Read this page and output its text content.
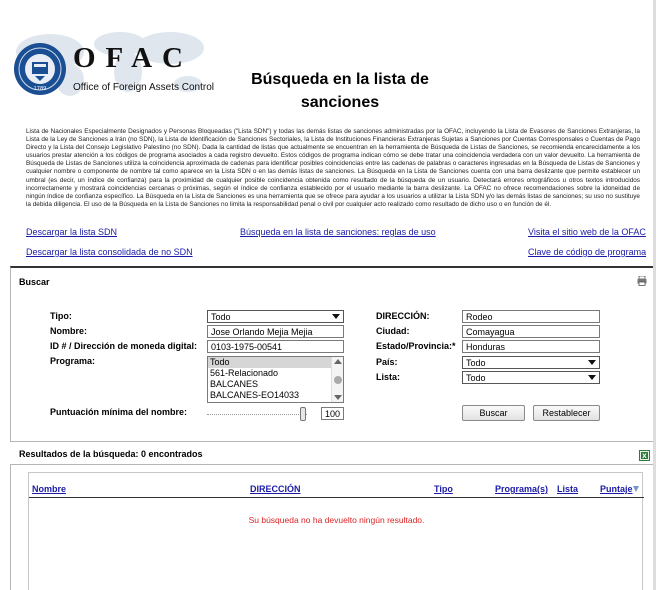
1789
OFAC
Office of Foreign Assets Control	Búsqueda en la lista de sanciones
Lista de Nacionales Especialmente Designados y Personas Bloqueadas ("Lista SDN") y todas las demás listas de sanciones administradas por la OFAC, incluyendo la Lista de Evasores de Sanciones Extranjeras, la Lista de la Ley de Sanciones a Irán (no SDN), la Lista de Identificación de Sanciones Sectoriales, la Lista de Instituciones Financieras Extranjeras Sujetas a Sanciones por Cuentas Corresponsales o Cuentas de Pago Directo y la Lista del Consejo Legislativo Palestino (no SDN). Dada la cantidad de listas que actualmente se encuentran en la herramienta de Búsqueda de Listas de Sanciones, se recomienda encarecidamente a los usuarios prestar atención a los códigos de programa asociados a cada registro devuelto. Estos códigos de programa indican cómo se debe tratar una coincidencia verdadera con un valor devuelto. La herramienta de Búsqueda de Listas de Sanciones utiliza la coincidencia aproximada de cadenas para identificar posibles coincidencias entre las cadenas de palabras o caracteres ingresadas en la Búsqueda de Listas de Sanciones y cualquier nombre o componente de nombre tal como aparece en la Lista SDN o en las demás listas de sanciones. La Búsqueda en la Lista de Sanciones cuenta con una barra deslizante que permite establecer un umbral (es decir, un índice de confianza) para la proximidad de cualquier posible coincidencia obtenida como resultado de la búsqueda de un usuario. Detectará errores ortográficos u otros textos introducidos incorrectamente y mostrará coincidencias cercanas o próximas, según el índice de confianza establecido por el usuario mediante la barra deslizante. La OFAC no ofrece recomendaciones sobre la idoneidad de ningún índice de confianza específico. La Búsqueda en la Lista de Sanciones es una herramienta que se ofrece para ayudar a los usuarios a utilizar la Lista SDN y/o las demás listas de sanciones; su uso no sustituye la debida diligencia. El uso de la Búsqueda en la Lista de Sanciones no limita la responsabilidad penal o civil por cualquier acto realizado como resultado de dicho uso o en función de él.
Descargar la lista SDN	Búsqueda en la lista de sanciones: reglas de uso	Visita el sitio web de la OFAC
Descargar la lista consolidada de no SDN	Clave de código de programa
Buscar
Tipo:	Todo
Nombre:	Jose Orlando Mejia Mejia
ID # / Dirección de moneda digital:	0103-1975-00541
Programa:	Todo
561-Relacionado
BALCANES
BALCANES-EO14033
Puntuación mínima del nombre:	100
DIRECCIÓN:	Rodeo
Ciudad:	Comayagua
Estado/Provincia:*	Honduras
País:	Todo
Lista:	Todo
Buscar	Restablecer
Resultados de la búsqueda: 0 encontrados	X
Nombre	DIRECCIÓN	Tipo	Programa(s) Lista Puntaje
Su búsqueda no ha devuelto ningún resultado.
